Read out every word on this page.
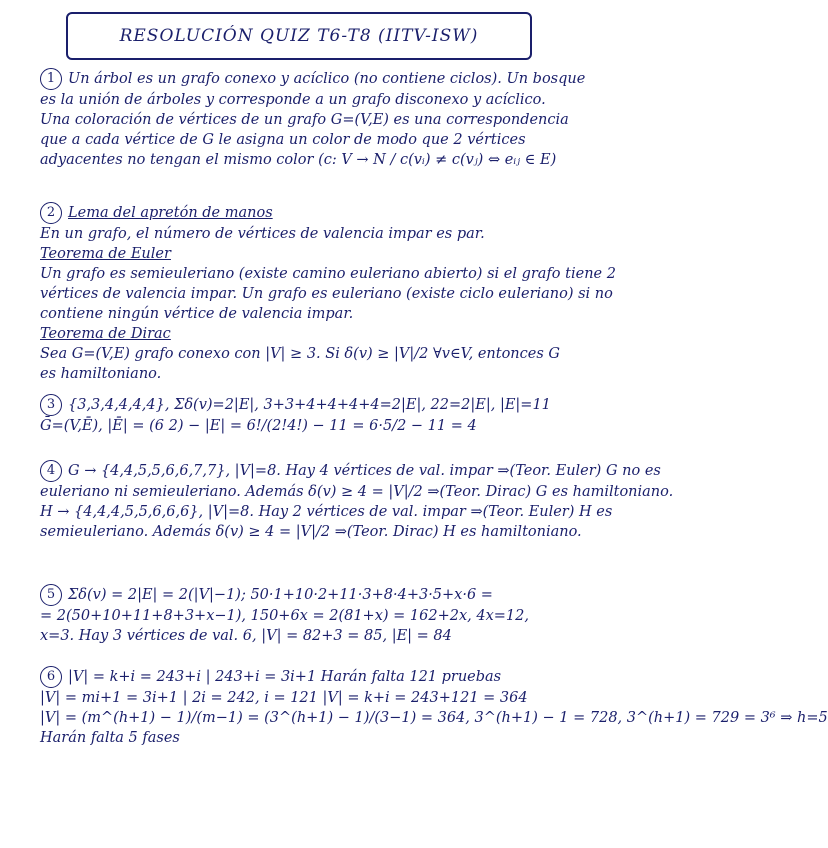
RESOLUCIÓN QUIZ T6-T8 (IITV-ISW)
1 Un árbol es un grafo conexo y acíclico (no contiene ciclos). Un bosque
es la unión de árboles y corresponde a un grafo disconexo y acíclico.
Una coloración de vértices de un grafo G=(V,E) es una correspondencia
que a cada vértice de G le asigna un color de modo que 2 vértices
adyacentes no tengan el mismo color (c: V → N / c(vᵢ) ≠ c(vⱼ) ⇔ eᵢⱼ ∈ E)
2 Lema del apretón de manos
En un grafo, el número de vértices de valencia impar es par.
Teorema de Euler
Un grafo es semieuleriano (existe camino euleriano abierto) si el grafo tiene 2
vértices de valencia impar. Un grafo es euleriano (existe ciclo euleriano) si no
contiene ningún vértice de valencia impar.
Teorema de Dirac
Sea G=(V,E) grafo conexo con |V| ≥ 3. Si δ(v) ≥ |V|/2 ∀v∈V, entonces G
es hamiltoniano.
3 {3,3,4,4,4,4}, Σδ(v)=2|E|, 3+3+4+4+4+4=2|E|, 22=2|E|, |E|=11
Ḡ=(V,Ē), |Ē| = (6 2) − |E| = 6!/(2!4!) − 11 = 6·5/2 − 11 = 4
4 G → {4,4,5,5,6,6,7,7}, |V|=8. Hay 4 vértices de val. impar ⇒(Teor. Euler) G no es
euleriano ni semieuleriano. Además δ(v) ≥ 4 = |V|/2 ⇒(Teor. Dirac) G es hamiltoniano.
H → {4,4,4,5,5,6,6,6}, |V|=8. Hay 2 vértices de val. impar ⇒(Teor. Euler) H es
semieuleriano. Además δ(v) ≥ 4 = |V|/2 ⇒(Teor. Dirac) H es hamiltoniano.
5 Σδ(v) = 2|E| = 2(|V|−1); 50·1+10·2+11·3+8·4+3·5+x·6 =
= 2(50+10+11+8+3+x−1), 150+6x = 2(81+x) = 162+2x, 4x=12,
x=3. Hay 3 vértices de val. 6, |V| = 82+3 = 85, |E| = 84
6 |V| = k+i = 243+i | 243+i = 3i+1 Harán falta 121 pruebas
|V| = mi+1 = 3i+1 | 2i = 242, i = 121 |V| = k+i = 243+121 = 364
|V| = (m^(h+1) − 1)/(m−1) = (3^(h+1) − 1)/(3−1) = 364, 3^(h+1) − 1 = 728, 3^(h+1) = 729 = 3⁶ ⇒ h=5
Harán falta 5 fases
